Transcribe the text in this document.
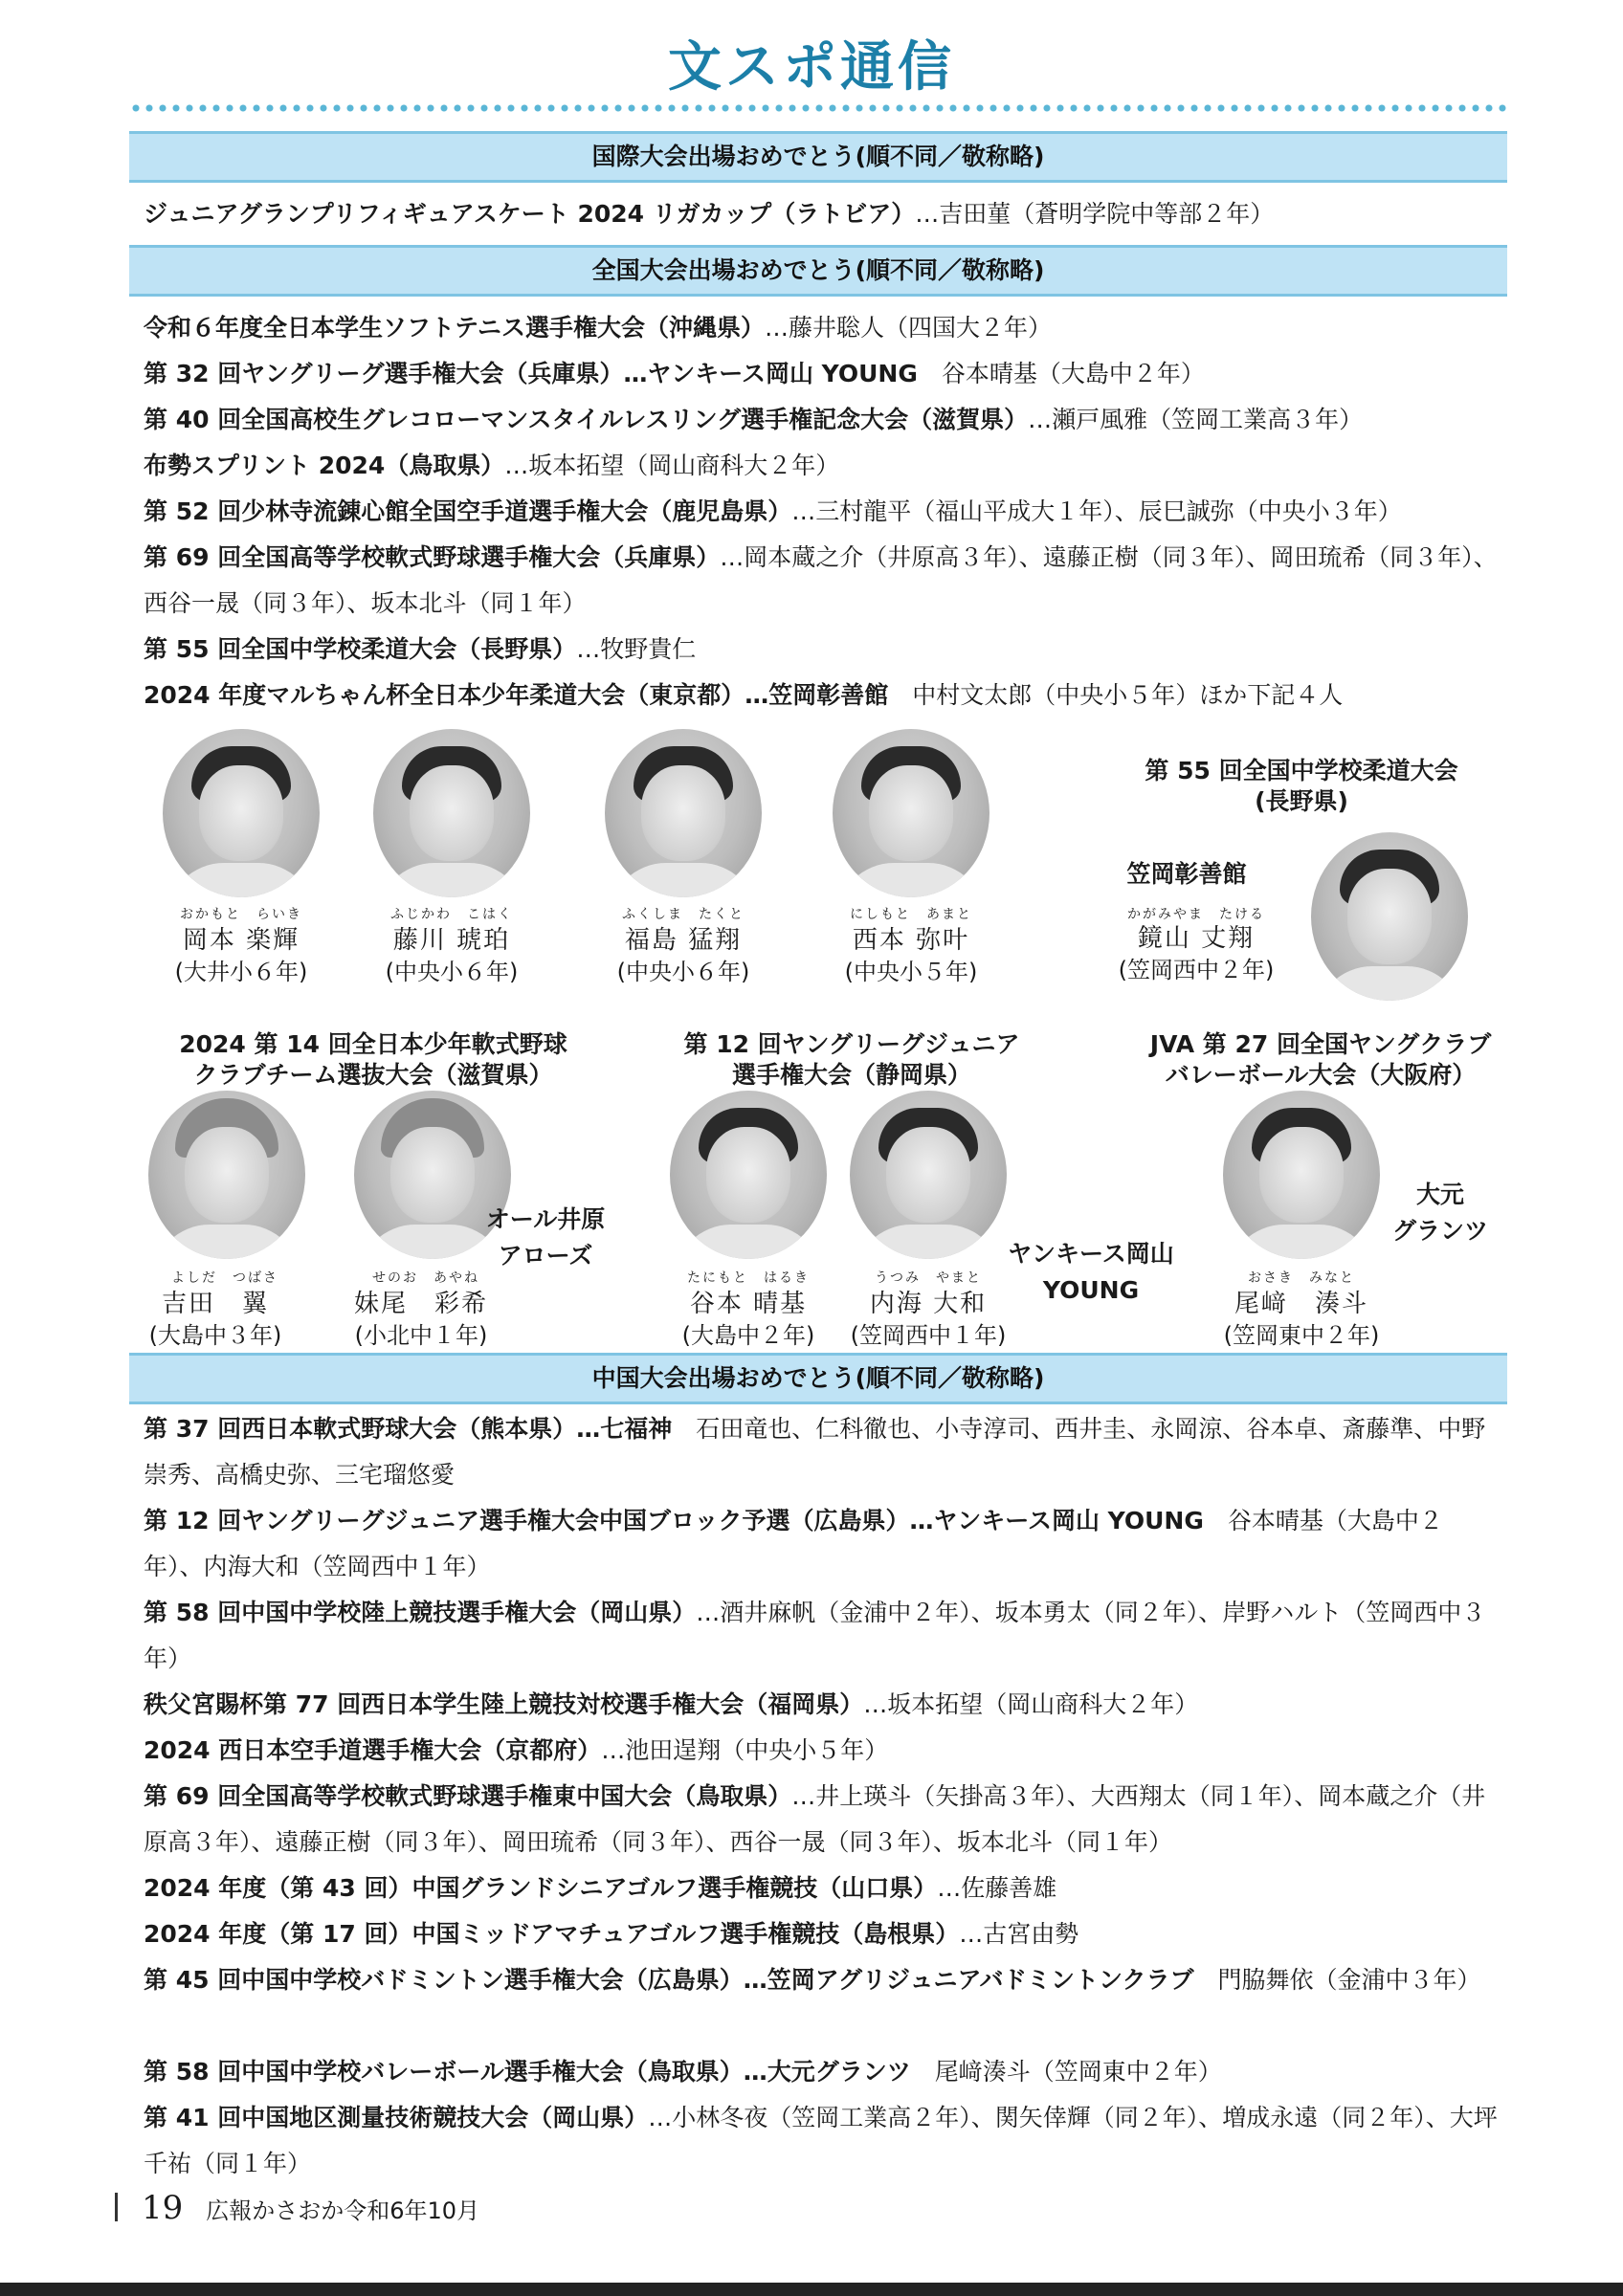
文スポ通信
国際大会出場おめでとう(順不同／敬称略)
ジュニアグランプリフィギュアスケート 2024 リガカップ（ラトビア）…吉田菫（蒼明学院中等部２年）
全国大会出場おめでとう(順不同／敬称略)
令和６年度全日本学生ソフトテニス選手権大会（沖縄県）…藤井聡人（四国大２年）
第 32 回ヤングリーグ選手権大会（兵庫県）…ヤンキース岡山 YOUNG　谷本晴基（大島中２年）
第 40 回全国高校生グレコローマンスタイルレスリング選手権記念大会（滋賀県）…瀬戸風雅（笠岡工業高３年）
布勢スプリント 2024（鳥取県）…坂本拓望（岡山商科大２年）
第 52 回少林寺流錬心館全国空手道選手権大会（鹿児島県）…三村龍平（福山平成大１年）、辰巳誠弥（中央小３年）
第 69 回全国高等学校軟式野球選手権大会（兵庫県）…岡本蔵之介（井原高３年）、遠藤正樹（同３年）、岡田琉希（同３年）、西谷一晟（同３年）、坂本北斗（同１年）
第 55 回全国中学校柔道大会（長野県）…牧野貴仁
2024 年度マルちゃん杯全日本少年柔道大会（東京都）…笠岡彰善館　中村文太郎（中央小５年）ほか下記４人
おかもと　らいき
岡本 楽輝
(大井小６年)
ふじかわ　こはく
藤川 琥珀
(中央小６年)
ふくしま　たくと
福島 猛翔
(中央小６年)
にしもと　あまと
西本 弥叶
(中央小５年)
第 55 回全国中学校柔道大会
(長野県)
笠岡彰善館
かがみやま　たける
鏡山 丈翔
(笠岡西中２年)
2024 第 14 回全日本少年軟式野球
クラブチーム選抜大会（滋賀県）
オール井原
アローズ
よしだ　つばさ
吉田　翼
(大島中３年)
せのお　あやね
妹尾　彩希
(小北中１年)
第 12 回ヤングリーグジュニア
選手権大会（静岡県）
ヤンキース岡山
YOUNG
たにもと　はるき
谷本 晴基
(大島中２年)
うつみ　やまと
内海 大和
(笠岡西中１年)
JVA 第 27 回全国ヤングクラブ
バレーボール大会（大阪府）
大元
グランツ
おさき　みなと
尾﨑　湊斗
(笠岡東中２年)
中国大会出場おめでとう(順不同／敬称略)
第 37 回西日本軟式野球大会（熊本県）…七福神　石田竜也、仁科徹也、小寺淳司、西井圭、永岡涼、谷本卓、斎藤準、中野崇秀、高橋史弥、三宅瑠悠愛
第 12 回ヤングリーグジュニア選手権大会中国ブロック予選（広島県）…ヤンキース岡山 YOUNG　谷本晴基（大島中２年）、内海大和（笠岡西中１年）
第 58 回中国中学校陸上競技選手権大会（岡山県）…酒井麻帆（金浦中２年）、坂本勇太（同２年）、岸野ハルト（笠岡西中３年）
秩父宮賜杯第 77 回西日本学生陸上競技対校選手権大会（福岡県）…坂本拓望（岡山商科大２年）
2024 西日本空手道選手権大会（京都府）…池田逞翔（中央小５年）
第 69 回全国高等学校軟式野球選手権東中国大会（鳥取県）…井上瑛斗（矢掛高３年）、大西翔太（同１年）、岡本蔵之介（井原高３年）、遠藤正樹（同３年）、岡田琉希（同３年）、西谷一晟（同３年）、坂本北斗（同１年）
2024 年度（第 43 回）中国グランドシニアゴルフ選手権競技（山口県）…佐藤善雄
2024 年度（第 17 回）中国ミッドアマチュアゴルフ選手権競技（島根県）…古宮由勢
第 45 回中国中学校バドミントン選手権大会（広島県）…笠岡アグリジュニアバドミントンクラブ　門脇舞依（金浦中３年）
第 58 回中国中学校バレーボール選手権大会（鳥取県）…大元グランツ　尾﨑湊斗（笠岡東中２年）
第 41 回中国地区測量技術競技大会（岡山県）…小林冬夜（笠岡工業高２年）、関矢倖輝（同２年）、増成永遠（同２年）、大坪千祐（同１年）
19 広報かさおか令和6年10月
